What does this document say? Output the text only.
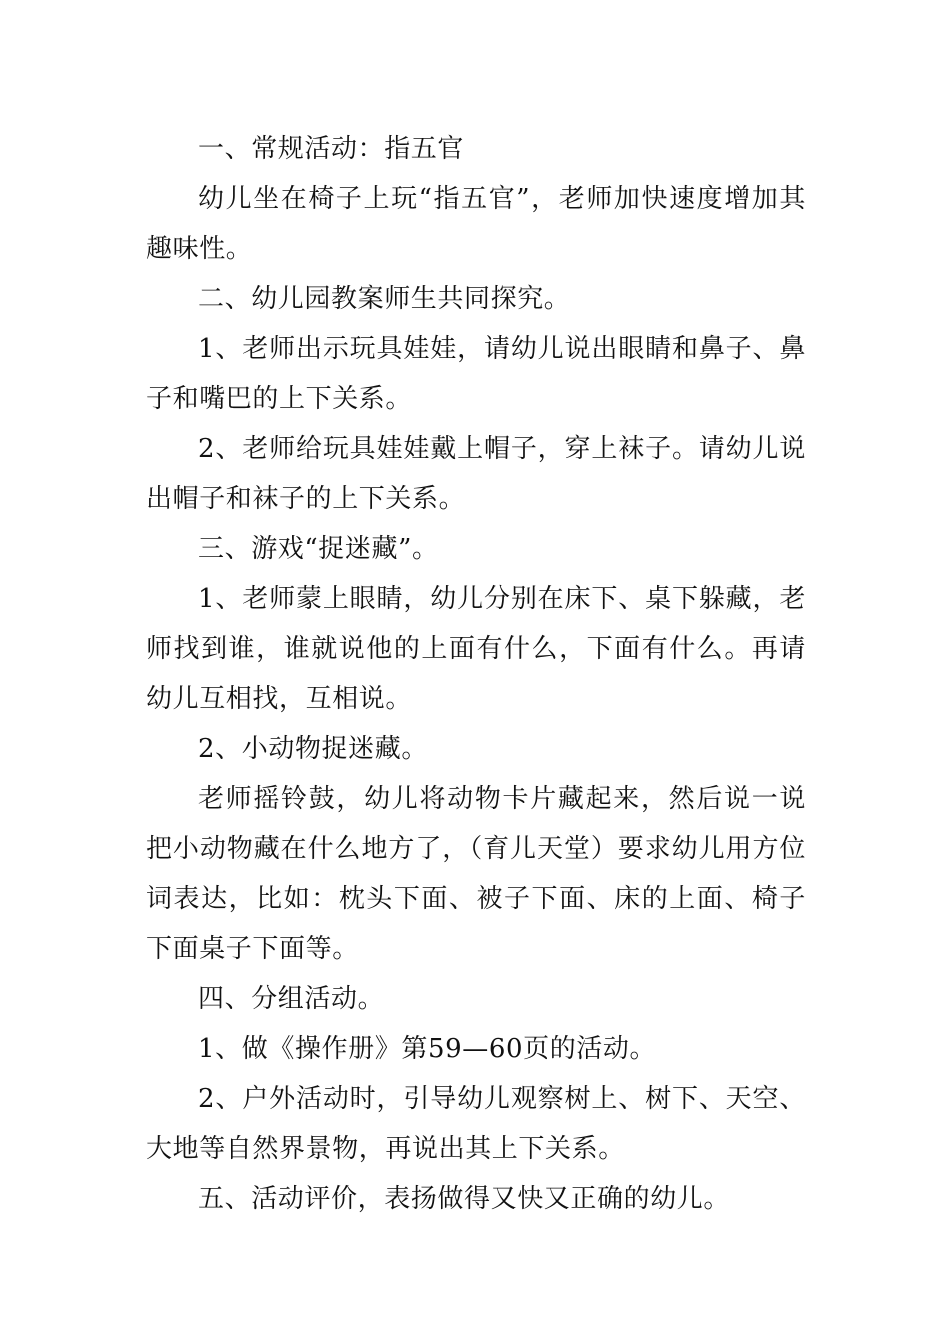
一、常规活动：指五官

幼儿坐在椅子上玩“指五官”，老师加快速度增加其趣味性。

二、幼儿园教案师生共同探究。

1、老师出示玩具娃娃，请幼儿说出眼睛和鼻子、鼻子和嘴巴的上下关系。

2、老师给玩具娃娃戴上帽子，穿上袜子。请幼儿说出帽子和袜子的上下关系。

三、游戏“捉迷藏”。

1、老师蒙上眼睛，幼儿分别在床下、桌下躲藏，老师找到谁，谁就说他的上面有什么，下面有什么。再请幼儿互相找，互相说。

2、小动物捉迷藏。

老师摇铃鼓，幼儿将动物卡片藏起来，然后说一说把小动物藏在什么地方了，（育儿天堂）要求幼儿用方位词表达，比如：枕头下面、被子下面、床的上面、椅子下面桌子下面等。

四、分组活动。

1、做《操作册》第59—60页的活动。

2、户外活动时，引导幼儿观察树上、树下、天空、大地等自然界景物，再说出其上下关系。

五、活动评价，表扬做得又快又正确的幼儿。
